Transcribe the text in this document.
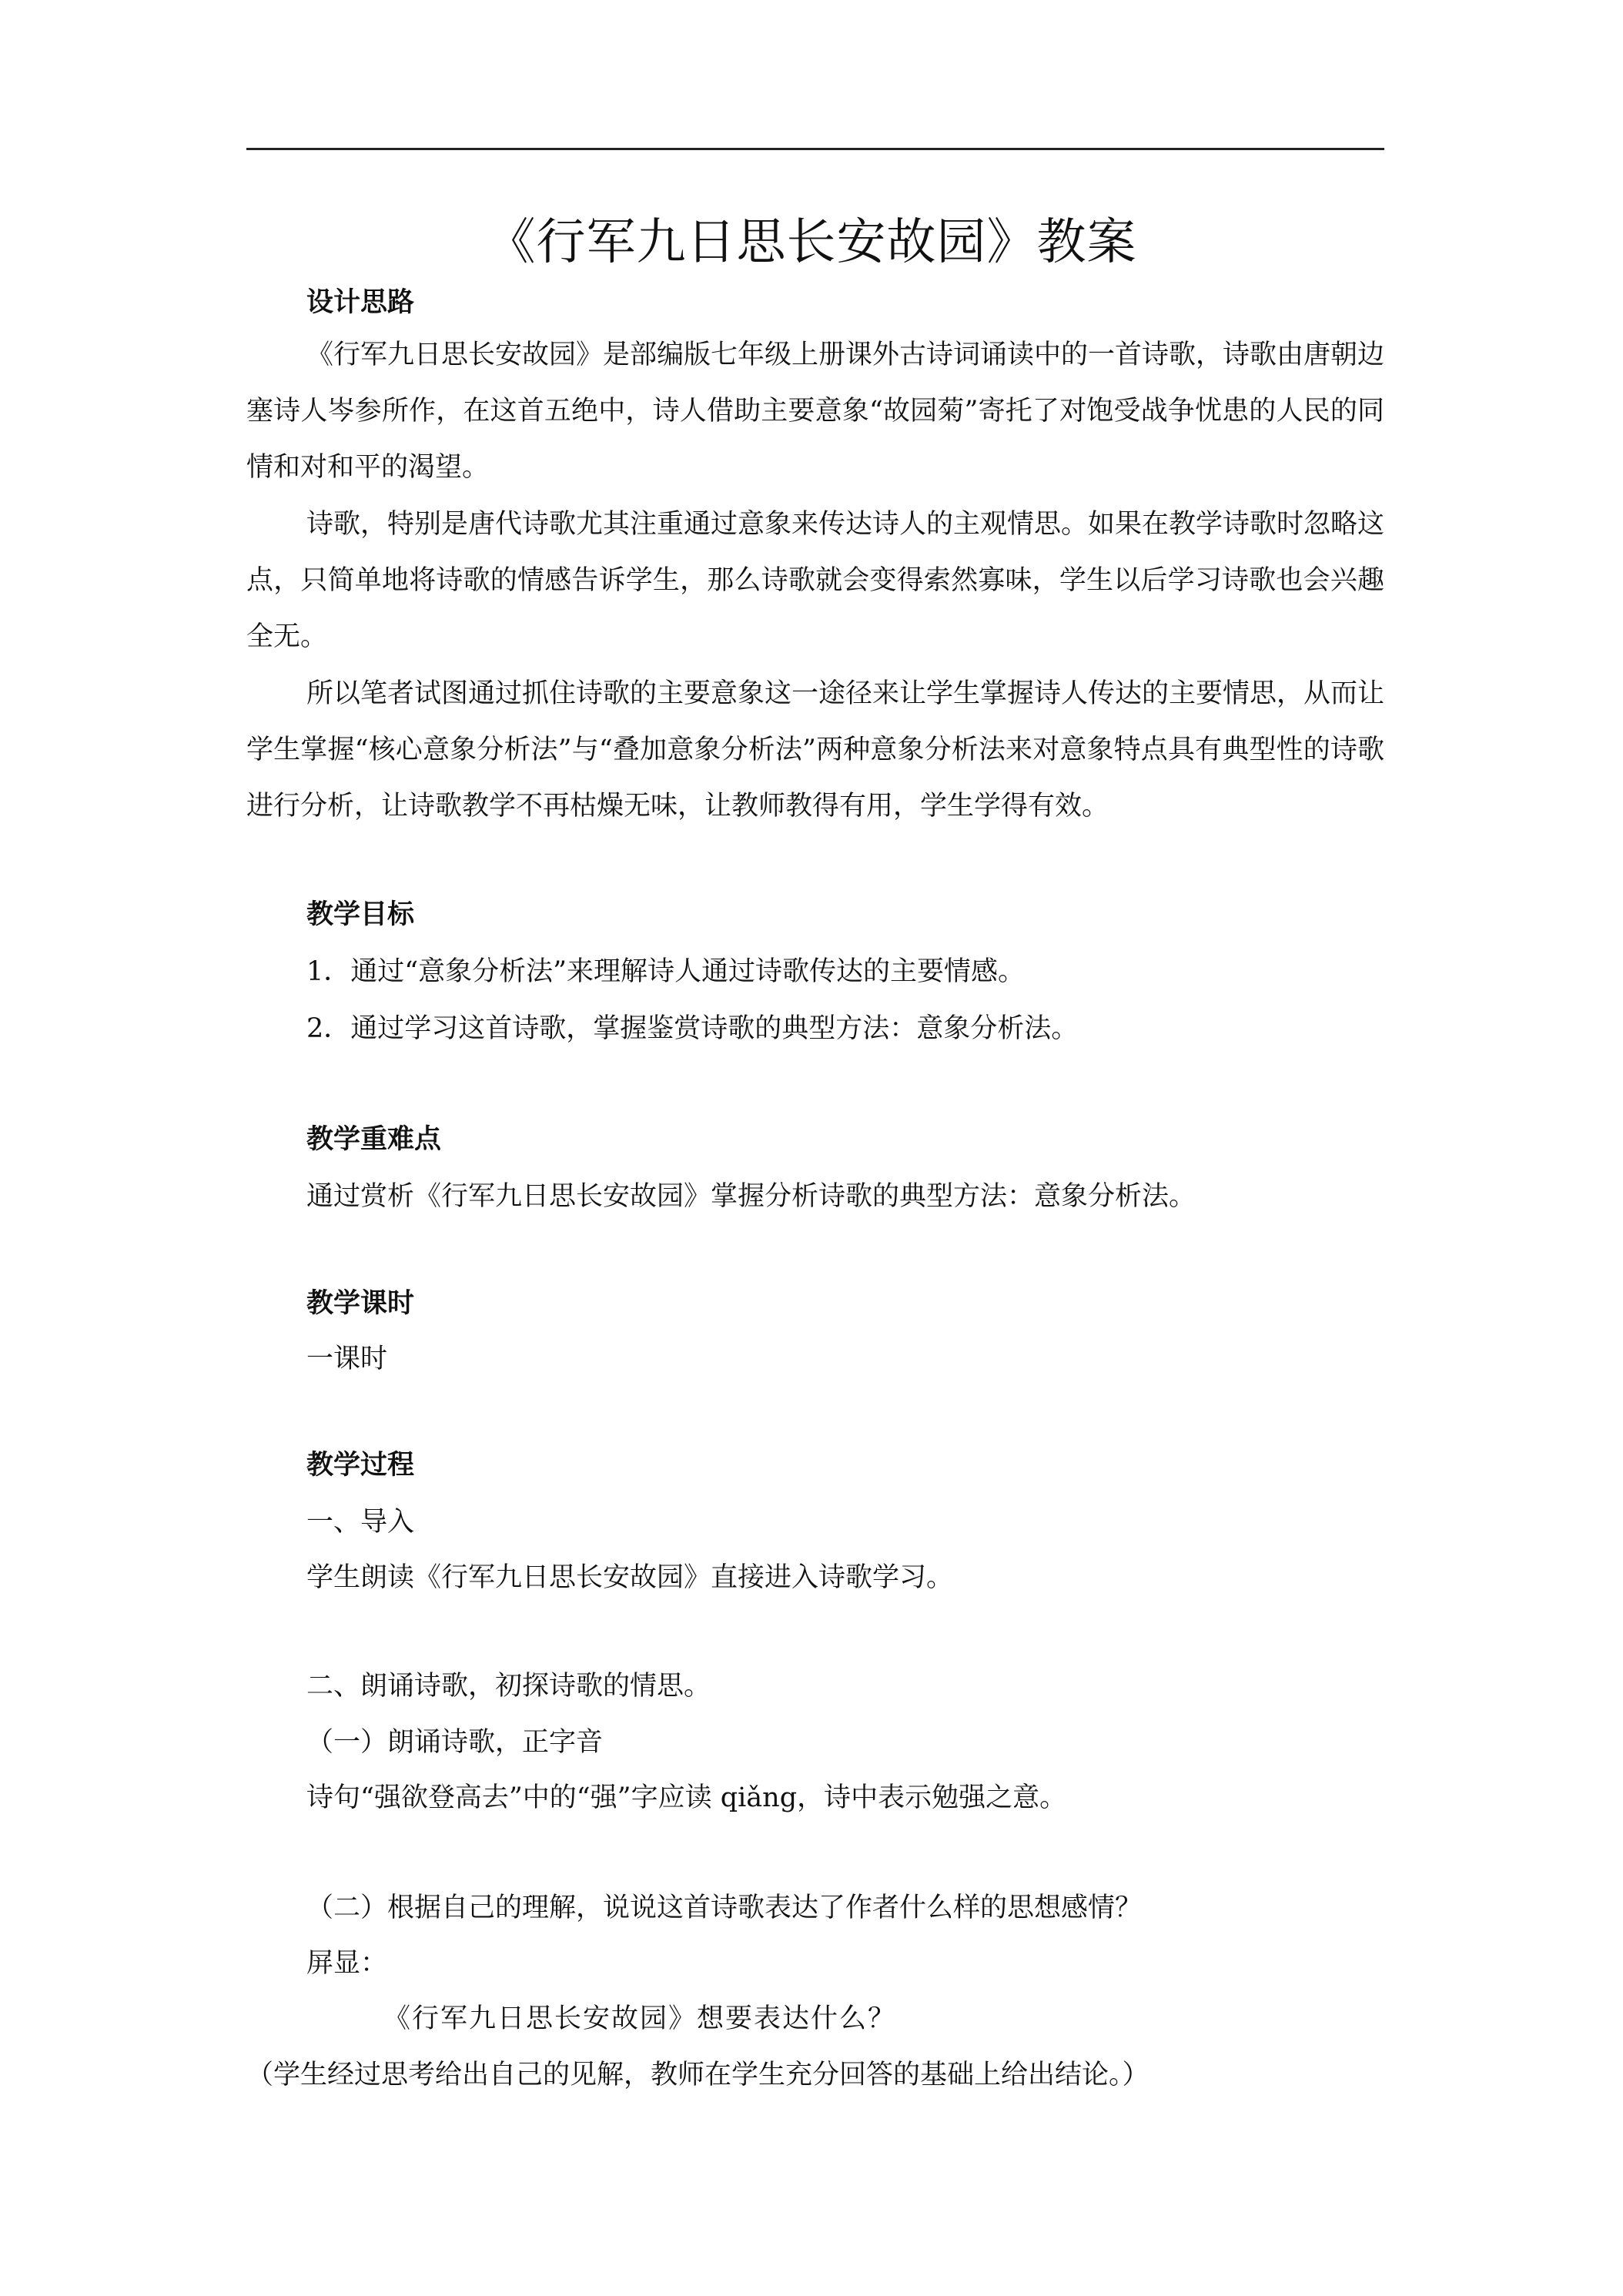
《行军九日思长安故园》教案
设计思路
《行军九日思长安故园》是部编版七年级上册课外古诗词诵读中的一首诗歌，诗歌由唐朝边塞诗人岑参所作，在这首五绝中，诗人借助主要意象“故园菊”寄托了对饱受战争忧患的人民的同情和对和平的渴望。
诗歌，特别是唐代诗歌尤其注重通过意象来传达诗人的主观情思。如果在教学诗歌时忽略这点，只简单地将诗歌的情感告诉学生，那么诗歌就会变得索然寡味，学生以后学习诗歌也会兴趣全无。
所以笔者试图通过抓住诗歌的主要意象这一途径来让学生掌握诗人传达的主要情思，从而让学生掌握“核心意象分析法”与“叠加意象分析法”两种意象分析法来对意象特点具有典型性的诗歌进行分析，让诗歌教学不再枯燥无味，让教师教得有用，学生学得有效。
教学目标
1．通过“意象分析法”来理解诗人通过诗歌传达的主要情感。
2．通过学习这首诗歌，掌握鉴赏诗歌的典型方法：意象分析法。
教学重难点
通过赏析《行军九日思长安故园》掌握分析诗歌的典型方法：意象分析法。
教学课时
一课时
教学过程
一、导入
学生朗读《行军九日思长安故园》直接进入诗歌学习。
二、朗诵诗歌，初探诗歌的情思。
（一）朗诵诗歌，正字音
诗句“强欲登高去”中的“强”字应读 qiǎng，诗中表示勉强之意。
（二）根据自己的理解，说说这首诗歌表达了作者什么样的思想感情？
屏显：
《行军九日思长安故园》想要表达什么？
（学生经过思考给出自己的见解，教师在学生充分回答的基础上给出结论。）
